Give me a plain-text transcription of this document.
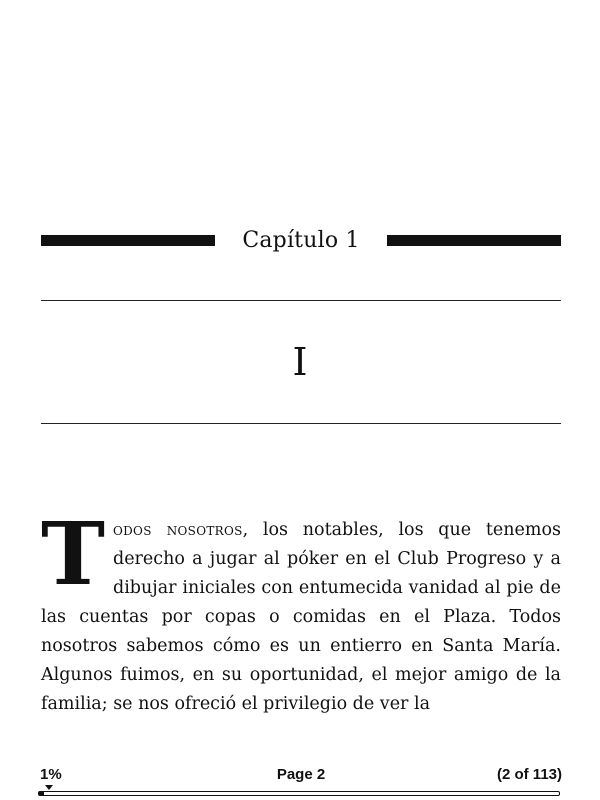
Capítulo 1
I
Todos nosotros, los notables, los que tenemos derecho a jugar al póker en el Club Progreso y a dibujar iniciales con entumecida vanidad al pie de las cuentas por copas o comidas en el Plaza. Todos nosotros sabemos cómo es un entierro en Santa María. Algunos fuimos, en su oportunidad, el mejor amigo de la familia; se nos ofreció el privilegio de ver la
1%	Page 2	(2 of 113)
